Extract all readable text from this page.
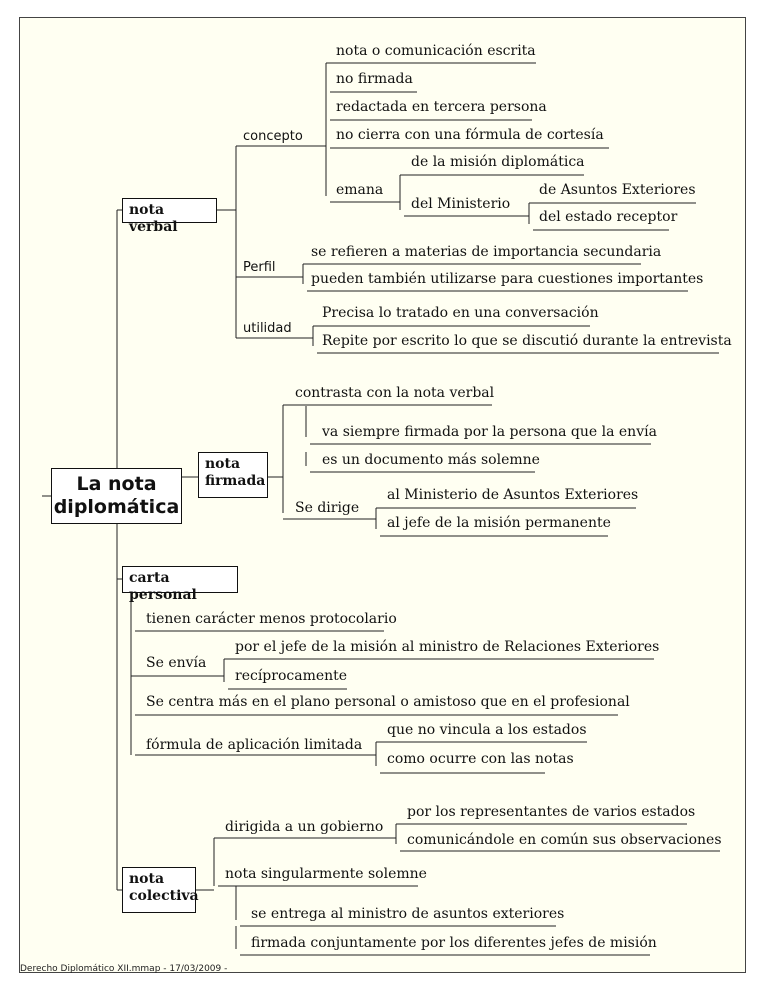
La nota
diplomática
nota verbal
concepto
nota o comunicación escrita
no firmada
redactada en tercera persona
no cierra con una fórmula de cortesía
emana
de la misión diplomática
del Ministerio
de Asuntos Exteriores
del estado receptor
Perfil
se refieren a materias de importancia secundaria
pueden también utilizarse para cuestiones importantes
utilidad
Precisa lo tratado en una conversación
Repite por escrito lo que se discutió durante la entrevista
nota
firmada
contrasta con la nota verbal
va siempre firmada por la persona que la envía
es un documento más solemne
Se dirige
al Ministerio de Asuntos Exteriores
al jefe de la misión permanente
carta personal
tienen carácter menos protocolario
Se envía
por el jefe de la misión al ministro de Relaciones Exteriores
recíprocamente
Se centra más en el plano personal o amistoso que en el profesional
fórmula de aplicación limitada
que no vincula a los estados
como ocurre con las notas
nota
colectiva
dirigida a un gobierno
por los representantes de varios estados
comunicándole en común sus observaciones
nota singularmente solemne
se entrega al ministro de asuntos exteriores
firmada conjuntamente por los diferentes jefes de misión
Derecho Diplomático XII.mmap - 17/03/2009 -
